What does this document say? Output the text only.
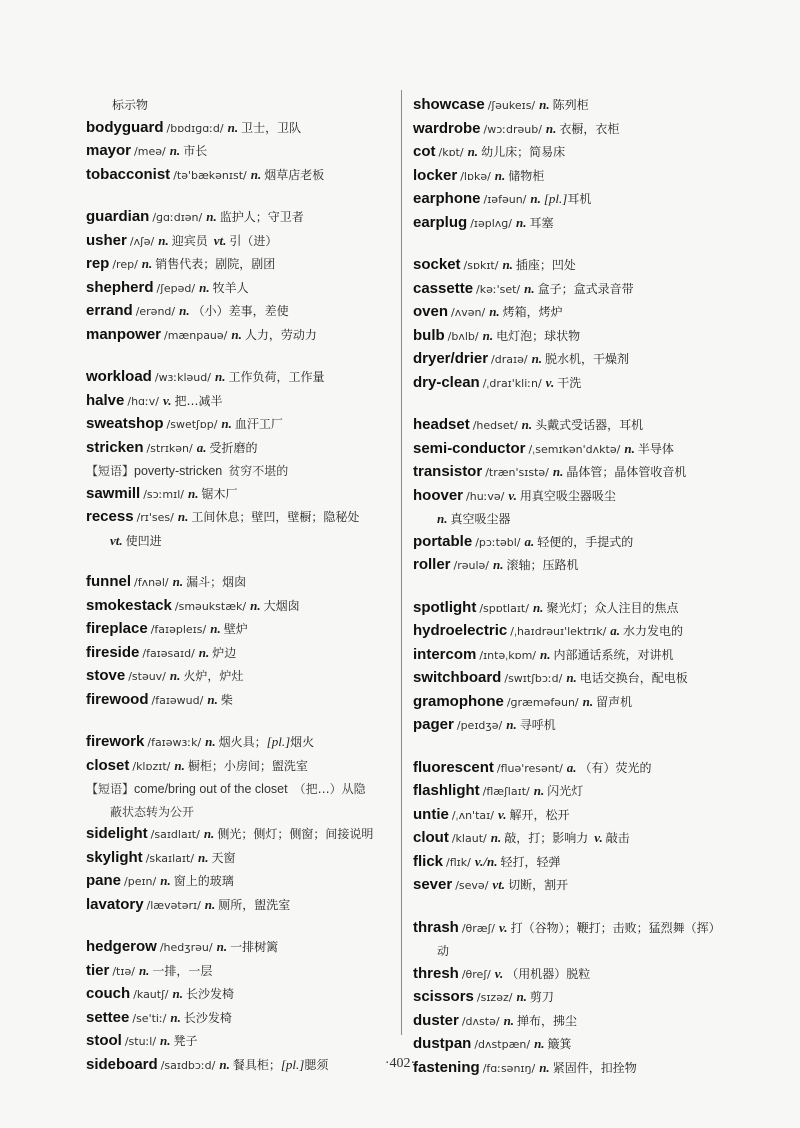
标示物
bodyguard /bɒdɪɡɑːd/ n. 卫士，卫队
mayor /meə/ n. 市长
tobacconist /tə'bækənɪst/ n. 烟草店老板
guardian /ɡɑːdɪən/ n. 监护人；守卫者
usher /ʌʃə/ n. 迎宾员 vt. 引（进）
rep /rep/ n. 销售代表；剧院，剧团
shepherd /ʃepəd/ n. 牧羊人
errand /erənd/ n. （小）差事，差使
manpower /mænpauə/ n. 人力，劳动力
workload /wɜːkləud/ n. 工作负荷，工作量
halve /hɑːv/ v. 把…减半
sweatshop /swetʃɒp/ n. 血汗工厂
stricken /strɪkən/ a. 受折磨的
【短语】poverty-stricken 贫穷不堪的
sawmill /sɔːmɪl/ n. 锯木厂
recess /rɪ'ses/ n. 工间休息；壁凹，壁橱；隐秘处
vt. 使凹进
funnel /fʌnəl/ n. 漏斗；烟囱
smokestack /sməukstæk/ n. 大烟囱
fireplace /faɪəpleɪs/ n. 壁炉
fireside /faɪəsaɪd/ n. 炉边
stove /stəuv/ n. 火炉，炉灶
firewood /faɪəwud/ n. 柴
firework /faɪəwɜːk/ n. 烟火具；[pl.]烟火
closet /klɒzɪt/ n. 橱柜；小房间；盥洗室
【短语】come/bring out of the closet （把…）从隐
蔽状态转为公开
sidelight /saɪdlaɪt/ n. 侧光；侧灯；侧窗；间接说明
skylight /skaɪlaɪt/ n. 天窗
pane /peɪn/ n. 窗上的玻璃
lavatory /lævətərɪ/ n. 厕所，盥洗室
hedgerow /hedʒrəu/ n. 一排树篱
tier /tɪə/ n. 一排，一层
couch /kautʃ/ n. 长沙发椅
settee /se'tiː/ n. 长沙发椅
stool /stuːl/ n. 凳子
sideboard /saɪdbɔːd/ n. 餐具柜；[pl.]腮须
showcase /ʃəukeɪs/ n. 陈列柜
wardrobe /wɔːdrəub/ n. 衣橱，衣柜
cot /kɒt/ n. 幼儿床；简易床
locker /lɒkə/ n. 储物柜
earphone /ɪəfəun/ n. [pl.]耳机
earplug /ɪəplʌɡ/ n. 耳塞
socket /sɒkɪt/ n. 插座；凹处
cassette /kəː'set/ n. 盒子；盒式录音带
oven /ʌvən/ n. 烤箱，烤炉
bulb /bʌlb/ n. 电灯泡；球状物
dryer/drier /draɪə/ n. 脱水机，干燥剂
dry-clean /ˌdraɪ'kliːn/ v. 干洗
headset /hedset/ n. 头戴式受话器，耳机
semi-conductor /ˌsemɪkən'dʌktə/ n. 半导体
transistor /træn'sɪstə/ n. 晶体管；晶体管收音机
hoover /huːvə/ v. 用真空吸尘器吸尘
n. 真空吸尘器
portable /pɔːtəbl/ a. 轻便的，手提式的
roller /rəulə/ n. 滚轴；压路机
spotlight /spɒtlaɪt/ n. 聚光灯；众人注目的焦点
hydroelectric /ˌhaɪdrəuɪ'lektrɪk/ a. 水力发电的
intercom /ɪntəˌkɒm/ n. 内部通话系统，对讲机
switchboard /swɪtʃbɔːd/ n. 电话交换台，配电板
gramophone /ɡræməfəun/ n. 留声机
pager /peɪdʒə/ n. 寻呼机
fluorescent /fluə'resənt/ a. （有）荧光的
flashlight /flæʃlaɪt/ n. 闪光灯
untie /ˌʌn'taɪ/ v. 解开，松开
clout /klaut/ n. 敲，打；影响力 v. 敲击
flick /flɪk/ v./n. 轻打，轻弹
sever /sevə/ vt. 切断，割开
thrash /θræʃ/ v. 打（谷物）；鞭打；击败；猛烈舞（挥）
动
thresh /θreʃ/ v. （用机器）脱粒
scissors /sɪzəz/ n. 剪刀
duster /dʌstə/ n. 掸布，拂尘
dustpan /dʌstpæn/ n. 簸箕
fastening /fɑːsənɪŋ/ n. 紧固件，扣拴物
·402·
